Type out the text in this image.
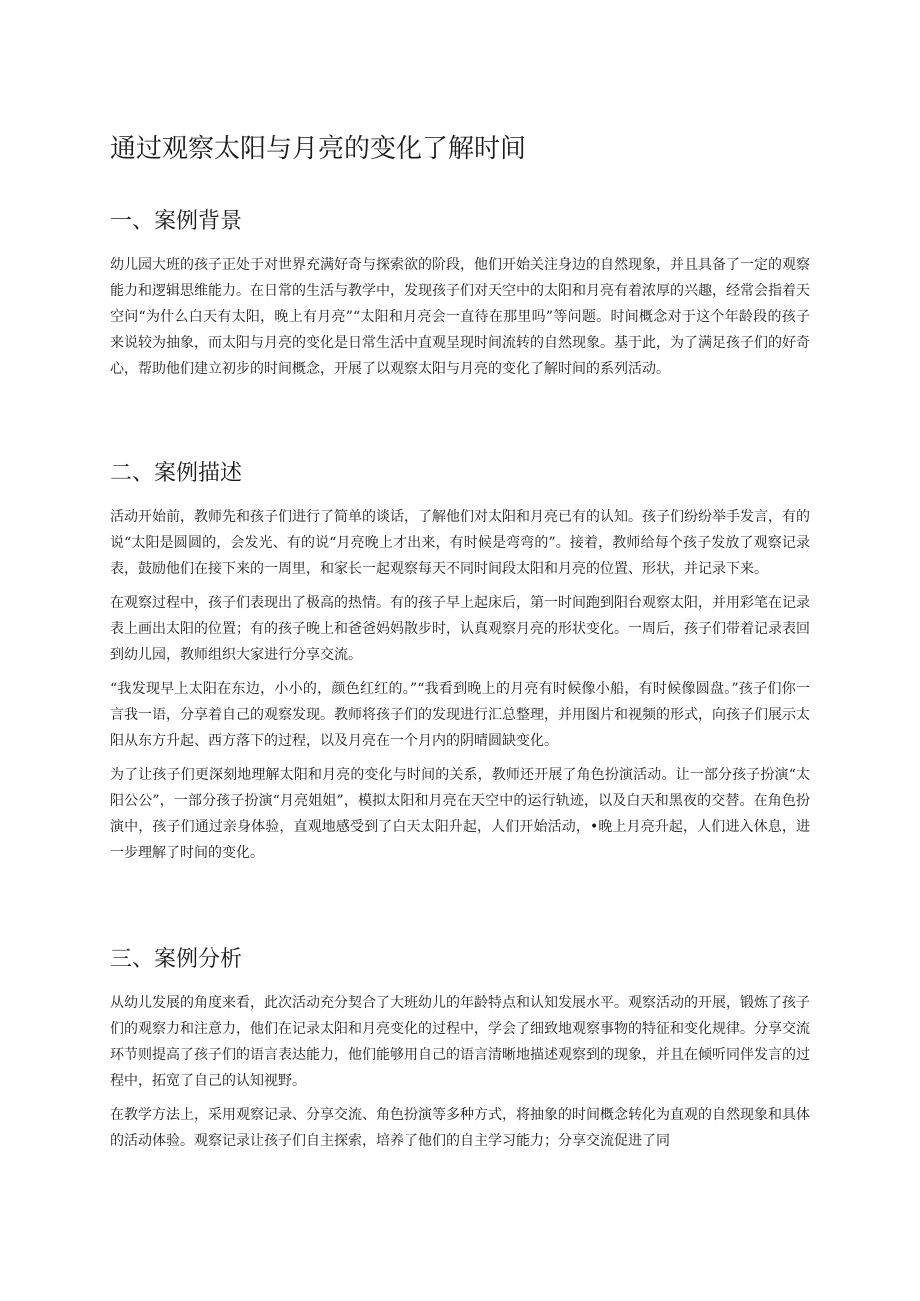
通过观察太阳与月亮的变化了解时间
一、案例背景

幼儿园大班的孩子正处于对世界充满好奇与探索欲的阶段，他们开始关注身边的自然现象，并且具备了一定的观察能力和逻辑思维能力。在日常的生活与教学中，发现孩子们对天空中的太阳和月亮有着浓厚的兴趣，经常会指着天空问“为什么白天有太阳，晚上有月亮”“太阳和月亮会一直待在那里吗”等问题。时间概念对于这个年龄段的孩子来说较为抽象，而太阳与月亮的变化是日常生活中直观呈现时间流转的自然现象。基于此，为了满足孩子们的好奇心，帮助他们建立初步的时间概念，开展了以观察太阳与月亮的变化了解时间的系列活动。

二、案例描述

活动开始前，教师先和孩子们进行了简单的谈话，了解他们对太阳和月亮已有的认知。孩子们纷纷举手发言，有的说“太阳是圆圆的，会发光、有的说“月亮晚上才出来，有时候是弯弯的”。接着，教师给每个孩子发放了观察记录表，鼓励他们在接下来的一周里，和家长一起观察每天不同时间段太阳和月亮的位置、形状，并记录下来。

在观察过程中，孩子们表现出了极高的热情。有的孩子早上起床后，第一时间跑到阳台观察太阳，并用彩笔在记录表上画出太阳的位置；有的孩子晚上和爸爸妈妈散步时，认真观察月亮的形状变化。一周后，孩子们带着记录表回到幼儿园，教师组织大家进行分享交流。

“我发现早上太阳在东边，小小的，颜色红红的。”“我看到晚上的月亮有时候像小船，有时候像圆盘。”孩子们你一言我一语，分享着自己的观察发现。教师将孩子们的发现进行汇总整理，并用图片和视频的形式，向孩子们展示太阳从东方升起、西方落下的过程，以及月亮在一个月内的阴晴圆缺变化。

为了让孩子们更深刻地理解太阳和月亮的变化与时间的关系，教师还开展了角色扮演活动。让一部分孩子扮演“太阳公公”，一部分孩子扮演“月亮姐姐”，模拟太阳和月亮在天空中的运行轨迹，以及白天和黑夜的交替。在角色扮演中，孩子们通过亲身体验，直观地感受到了白天太阳升起，人们开始活动，•晚上月亮升起，人们进入休息，进一步理解了时间的变化。

三、案例分析

从幼儿发展的角度来看，此次活动充分契合了大班幼儿的年龄特点和认知发展水平。观察活动的开展，锻炼了孩子们的观察力和注意力，他们在记录太阳和月亮变化的过程中，学会了细致地观察事物的特征和变化规律。分享交流环节则提高了孩子们的语言表达能力，他们能够用自己的语言清晰地描述观察到的现象，并且在倾听同伴发言的过程中，拓宽了自己的认知视野。

在教学方法上，采用观察记录、分享交流、角色扮演等多种方式，将抽象的时间概念转化为直观的自然现象和具体的活动体验。观察记录让孩子们自主探索，培养了他们的自主学习能力；分享交流促进了同
